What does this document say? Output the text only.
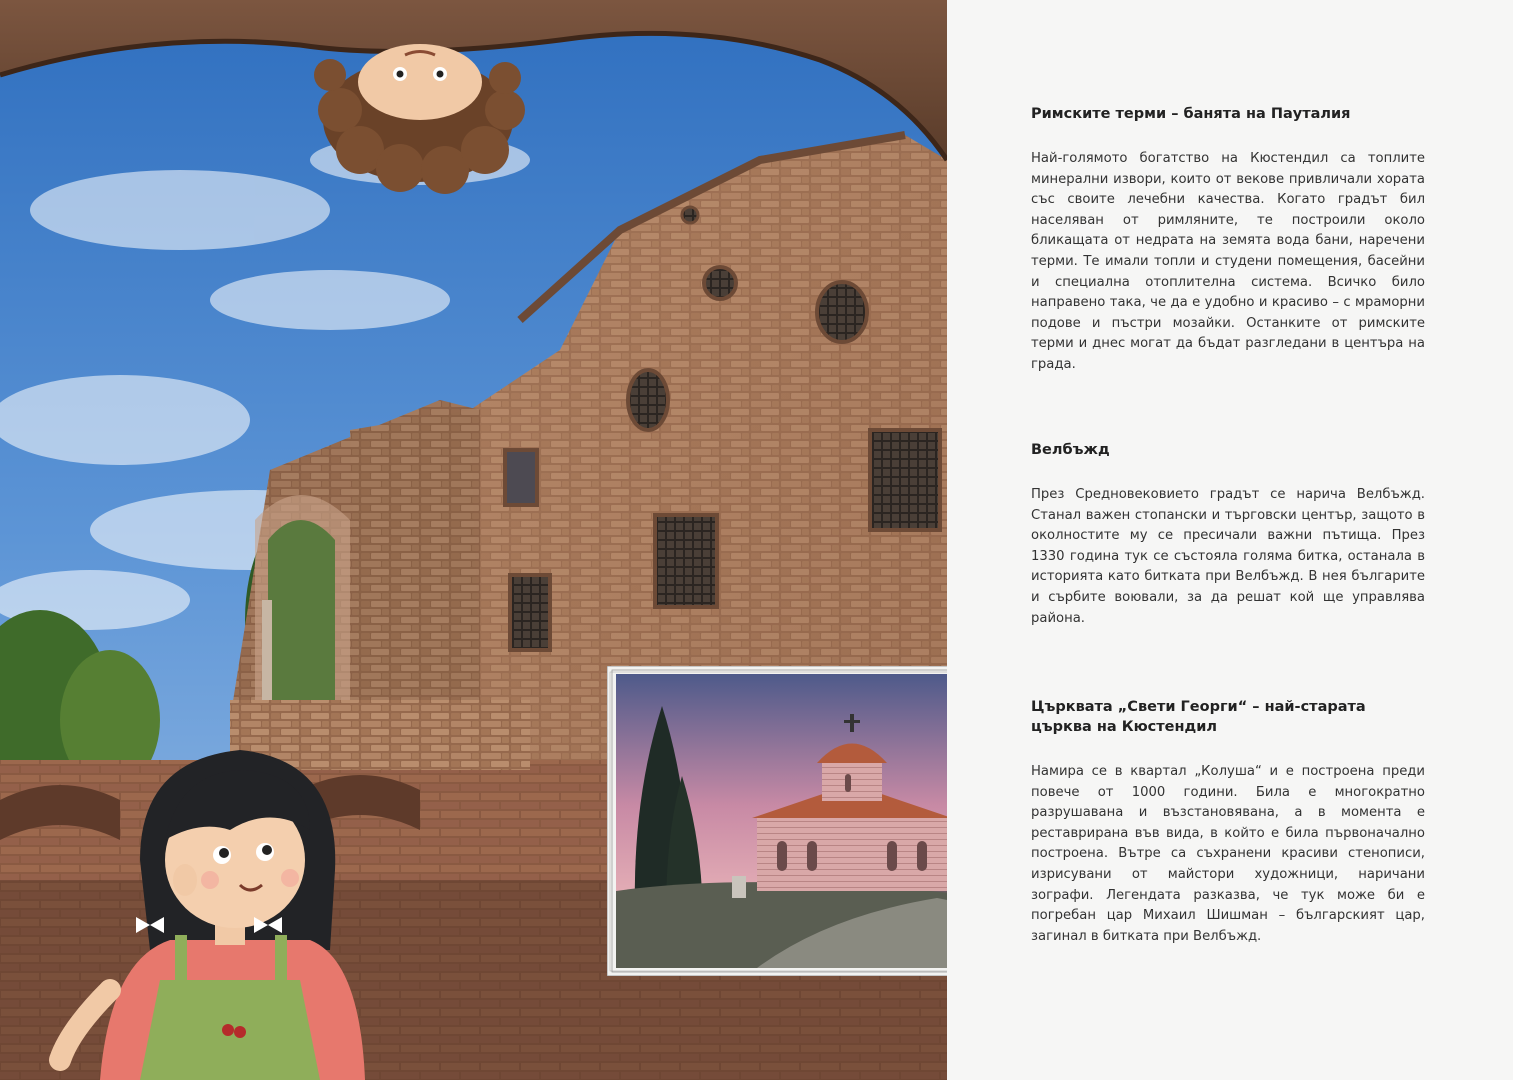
Римските терми – банята на Пауталия

Най-голямото богатство на Кюстендил са топлите минерални извори, които от векове привличали хората със своите лечебни качества. Когато градът бил населяван от римляните, те построили около бликащата от недрата на земята вода бани, наречени терми. Те имали топли и студени помещения, басейни и специална отоплителна система. Всичко било направено така, че да е удобно и красиво – с мраморни подове и пъстри мозайки. Останките от римските терми и днес могат да бъдат разгледани в центъра на града.

Велбъжд

През Средновековието градът се наричa Велбъжд. Станал важен стопански и търговски център, защото в околностите му се пресичали важни пътища. През 1330 година тук се състояла голяма битка, останала в историята като битката при Велбъжд. В нея българите и сърбите воювали, за да решат кой ще управлява района.

Църквата „Свети Георги“ – най-старата църква на Кюстендил

Намира се в квартал „Колуша“ и е построена преди повече от 1000 години. Била е многократно разрушавана и възстановявана, а в момента е реставрирана във вида, в който е била първоначално построена. Вътре са съхранени красиви стенописи, изрисувани от майстори художници, наричани зографи. Легендата разказва, че тук може би е погребан цар Михаил Шишман – българският цар, загинал в битката при Велбъжд.
